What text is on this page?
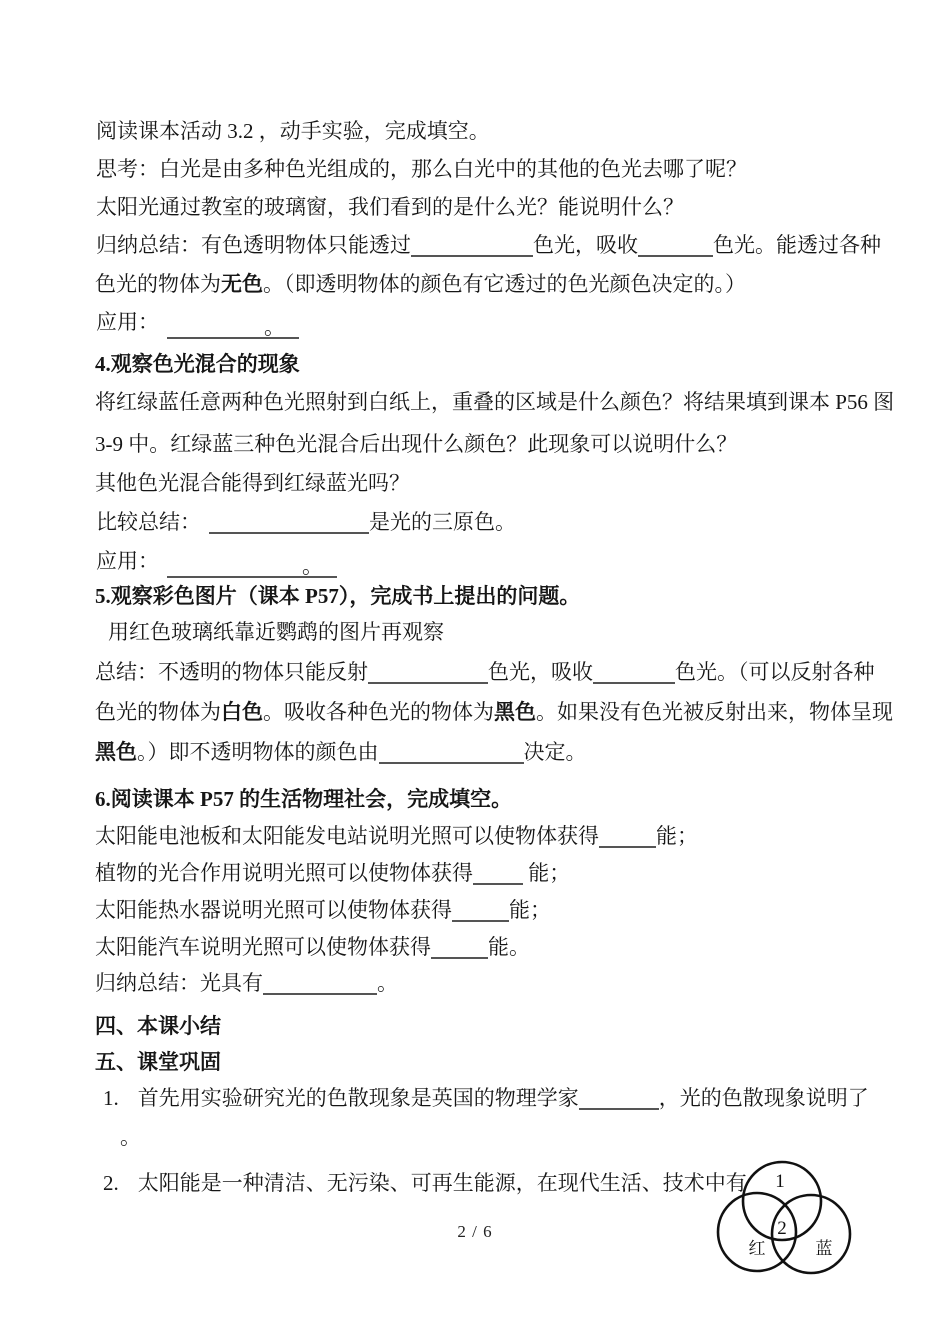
阅读课本活动 3.2 ，动手实验，完成填空。
思考：白光是由多种色光组成的，那么白光中的其他的色光去哪了呢？
太阳光通过教室的玻璃窗，我们看到的是什么光？能说明什么？
归纳总结：有色透明物体只能透过	色光，吸收	色光。能透过各种
色光的物体为无色。（即透明物体的颜色有它透过的色光颜色决定的。）
应用：	。
4.观察色光混合的现象
将红绿蓝任意两种色光照射到白纸上，重叠的区域是什么颜色？将结果填到课本 P56 图
3-9 中。红绿蓝三种色光混合后出现什么颜色？此现象可以说明什么？
其他色光混合能得到红绿蓝光吗？
比较总结：	是光的三原色。
应用：	。
5.观察彩色图片（课本 P57），完成书上提出的问题。
用红色玻璃纸靠近鹦鹉的图片再观察
总结：不透明的物体只能反射	色光，吸收	色光。（可以反射各种
色光的物体为白色。吸收各种色光的物体为黑色。如果没有色光被反射出来，物体呈现
黑色。）即不透明物体的颜色由	决定。
6.阅读课本 P57 的生活物理社会，完成填空。
太阳能电池板和太阳能发电站说明光照可以使物体获得	能；
植物的光合作用说明光照可以使物体获得 能；
太阳能热水器说明光照可以使物体获得	能；
太阳能汽车说明光照可以使物体获得	能。
归纳总结：光具有	。
四、本课小结
五、课堂巩固
1. 首先用实验研究光的色散现象是英国的物理学家	，光的色散现象说明了
。
2. 太阳能是一种清洁、无污染、可再生能源，在现代生活、技术中有 1
2
红	蓝
2 / 6
